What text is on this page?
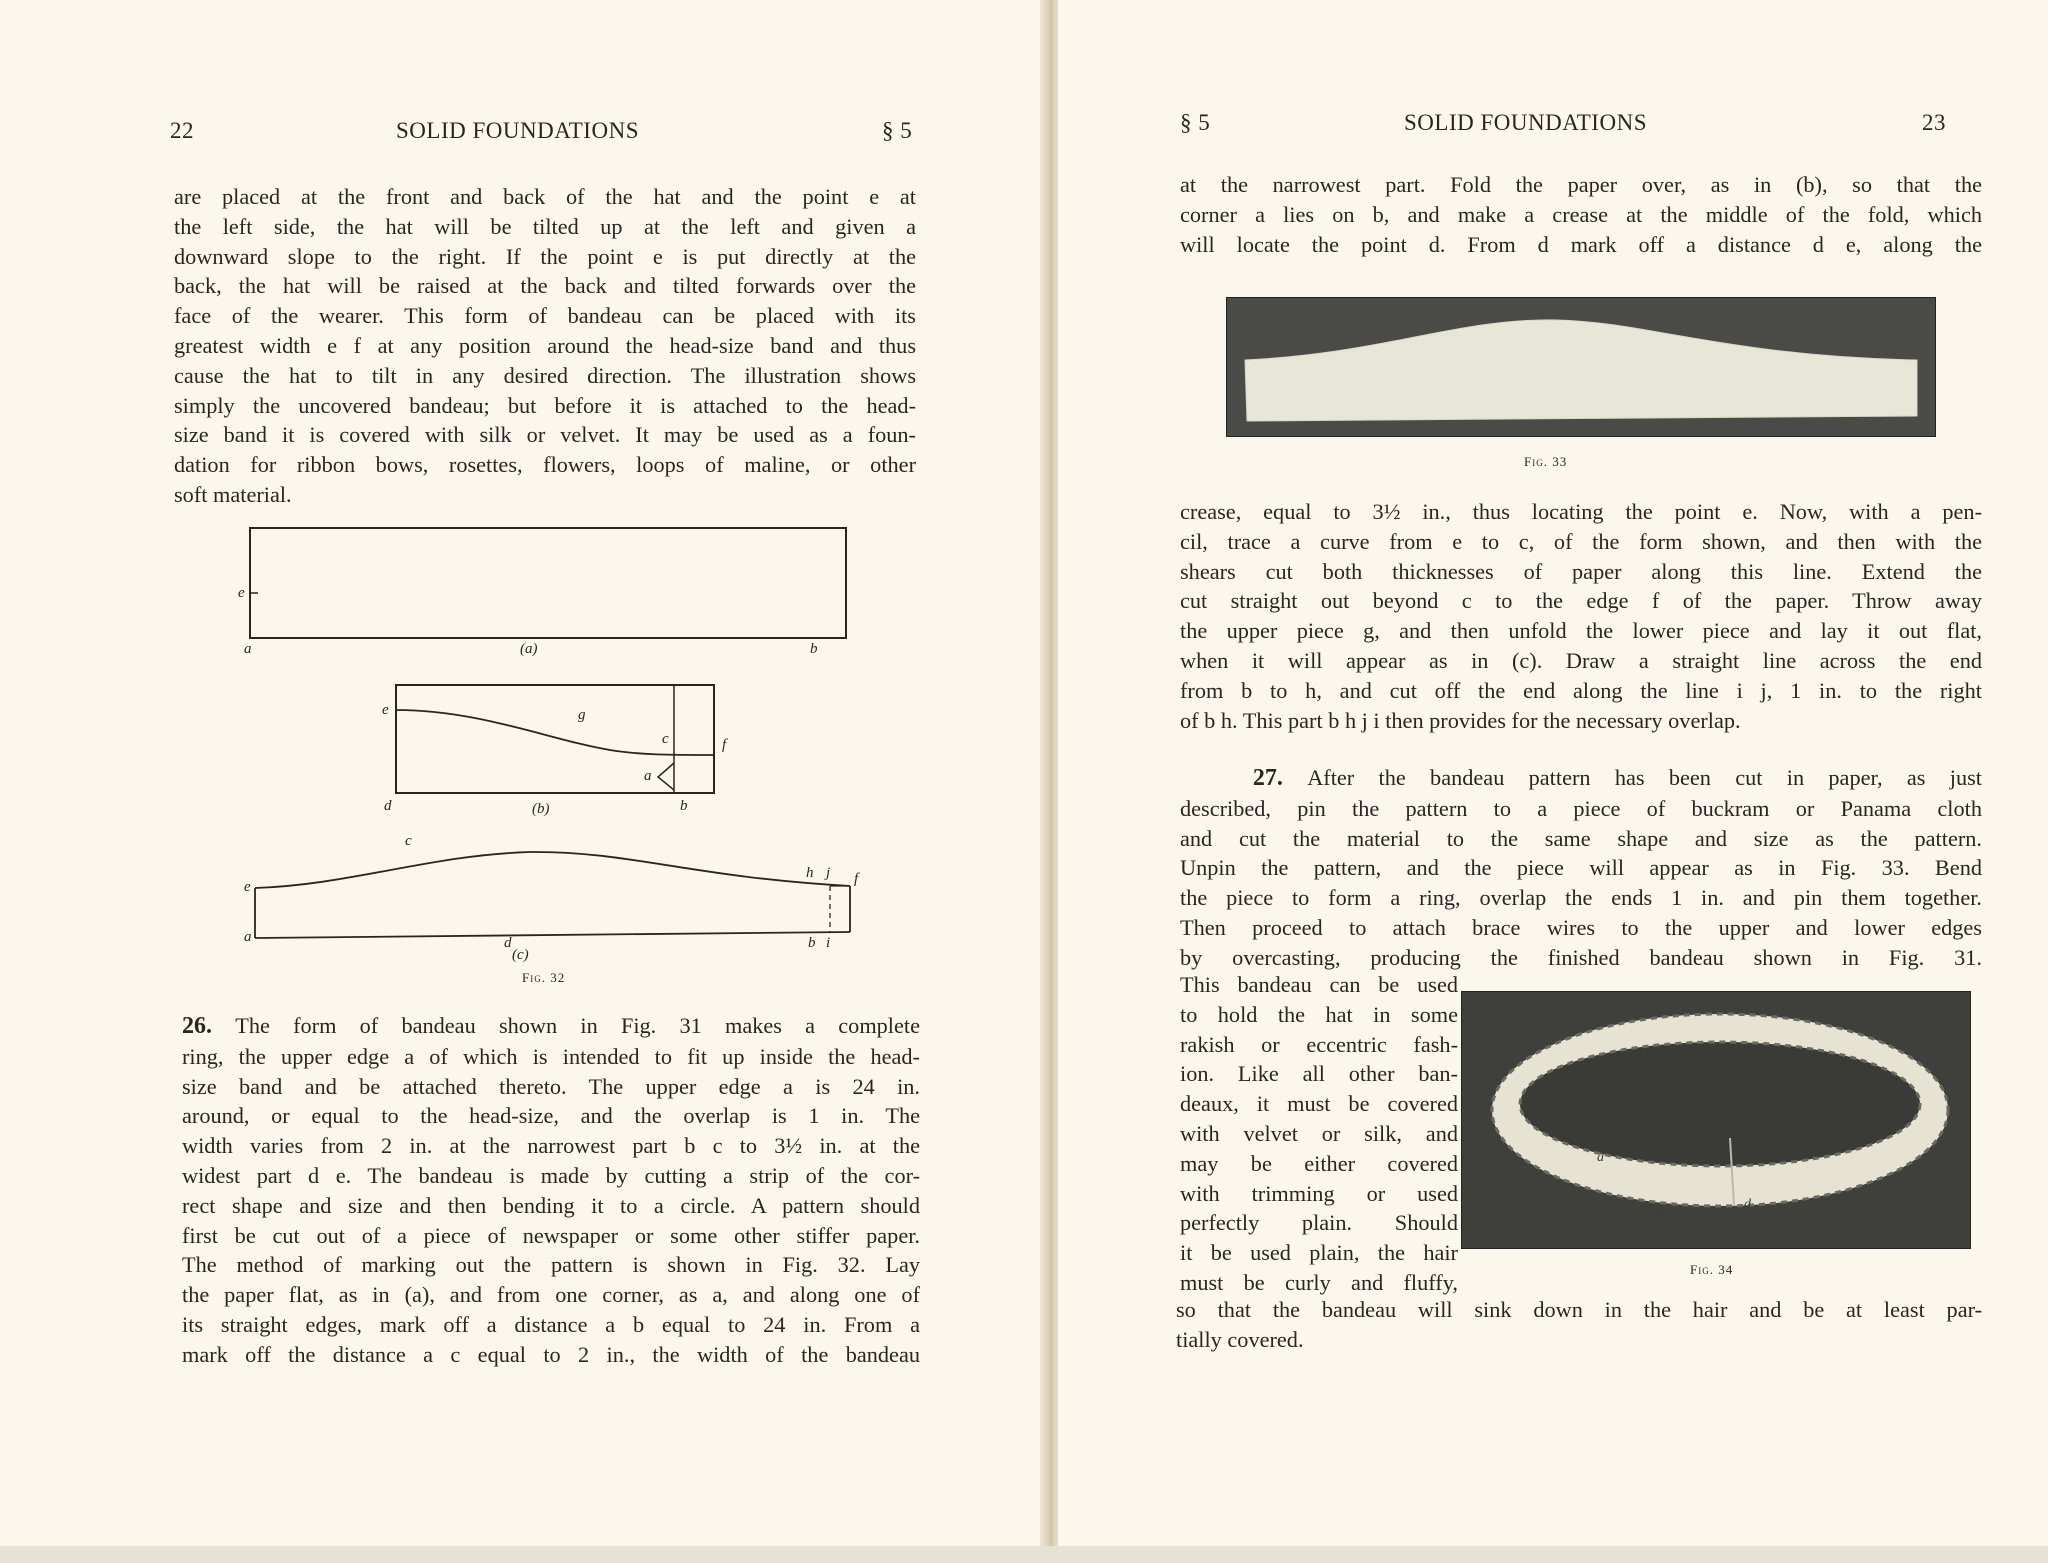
22	SOLID FOUNDATIONS	§ 5
are placed at the front and back of the hat and the point e at
the left side, the hat will be tilted up at the left and given a
downward slope to the right. If the point e is put directly at the
back, the hat will be raised at the back and tilted forwards over the
face of the wearer. This form of bandeau can be placed with its
greatest width e f at any position around the head-size band and thus
cause the hat to tilt in any desired direction. The illustration shows
simply the uncovered bandeau; but before it is attached to the head-
size band it is covered with silk or velvet. It may be used as a foun-
dation for ribbon bows, rosettes, flowers, loops of maline, or other
soft material.
e
a	b
(a)
e	g
c	f
a
d	b
(b)
e
a	d
(c)
c
h j f
b i
Fig. 32
26. The form of bandeau shown in Fig. 31 makes a complete
ring, the upper edge a of which is intended to fit up inside the head-
size band and be attached thereto. The upper edge a is 24 in.
around, or equal to the head-size, and the overlap is 1 in. The
width varies from 2 in. at the narrowest part b c to 3½ in. at the
widest part d e. The bandeau is made by cutting a strip of the cor-
rect shape and size and then bending it to a circle. A pattern should
first be cut out of a piece of newspaper or some other stiffer paper.
The method of marking out the pattern is shown in Fig. 32. Lay
the paper flat, as in (a), and from one corner, as a, and along one of
its straight edges, mark off a distance a b equal to 24 in. From a
mark off the distance a c equal to 2 in., the width of the bandeau
§ 5	SOLID FOUNDATIONS	23
at the narrowest part. Fold the paper over, as in (b), so that the
corner a lies on b, and make a crease at the middle of the fold, which
will locate the point d. From d mark off a distance d e, along the
Fig. 33
crease, equal to 3½ in., thus locating the point e. Now, with a pen-
cil, trace a curve from e to c, of the form shown, and then with the
shears cut both thicknesses of paper along this line. Extend the
cut straight out beyond c to the edge f of the paper. Throw away
the upper piece g, and then unfold the lower piece and lay it out flat,
when it will appear as in (c). Draw a straight line across the end
from b to h, and cut off the end along the line i j, 1 in. to the right
of b h. This part b h j i then provides for the necessary overlap.
27. After the bandeau pattern has been cut in paper, as just
described, pin the pattern to a piece of buckram or Panama cloth
and cut the material to the same shape and size as the pattern.
Unpin the pattern, and the piece will appear as in Fig. 33. Bend
the piece to form a ring, overlap the ends 1 in. and pin them together.
Then proceed to attach brace wires to the upper and lower edges
by overcasting, producing the finished bandeau shown in Fig. 31.
This bandeau can be used
to hold the hat in some
rakish or eccentric fash-
ion. Like all other ban-
deaux, it must be covered
with velvet or silk, and
may be either covered
with trimming or used
perfectly plain. Should
it be used plain, the hair
must be curly and fluffy,
a	b
c	d
Fig. 34
so that the bandeau will sink down in the hair and be at least par-
tially covered.
